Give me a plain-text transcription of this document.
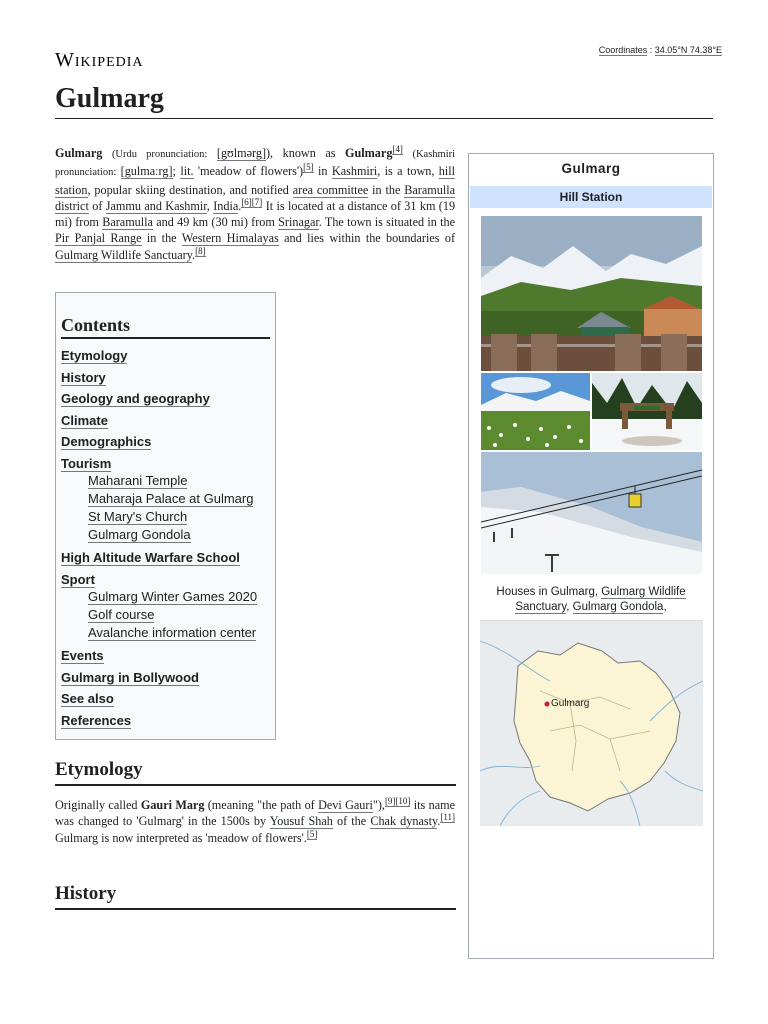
Wikipedia	Coordinates : 34.05°N 74.38°E
Gulmarg

Gulmarg (Urdu pronunciation: [gʊlmərg]), known as Gulmarg[4] (Kashmiri pronunciation: [gulmaːrg]; lit. 'meadow of flowers')[5] in Kashmiri, is a town, hill station, popular skiing destination, and notified area committee in the Baramulla district of Jammu and Kashmir, India.[6][7] It is located at a distance of 31 km (19 mi) from Baramulla and 49 km (30 mi) from Srinagar. The town is situated in the Pir Panjal Range in the Western Himalayas and lies within the boundaries of Gulmarg Wildlife Sanctuary.[8]

Contents
Etymology
History
Geology and geography
Climate
Demographics
Tourism
Maharani Temple
Maharaja Palace at Gulmarg
St Mary's Church
Gulmarg Gondola
High Altitude Warfare School
Sport
Gulmarg Winter Games 2020
Golf course
Avalanche information center
Events
Gulmarg in Bollywood
See also
References
Etymology

Originally called Gauri Marg (meaning "the path of Devi Gauri"),[9][10] its name was changed to 'Gulmarg' in the 1500s by Yousuf Shah of the Chak dynasty.[11] Gulmarg is now interpreted as 'meadow of flowers'.[5]

History
Gulmarg
Hill Station
Houses in Gulmarg, Gulmarg Wildlife Sanctuary, Gulmarg Gondola,
Gulmarg
